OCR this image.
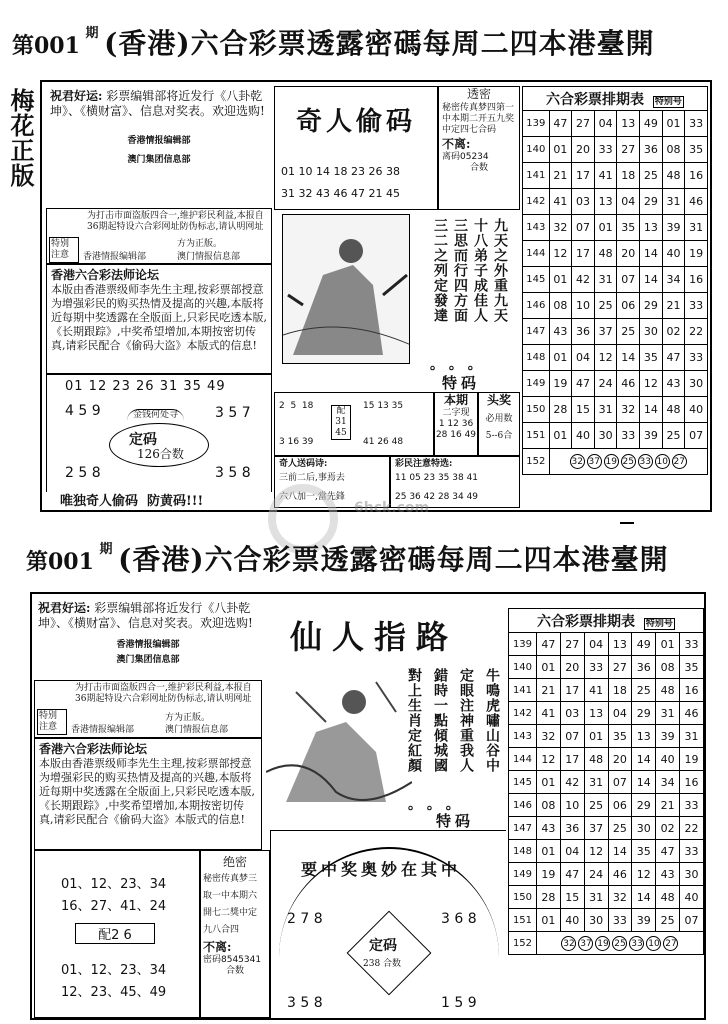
第001 $^期$ (香港)六合彩票透露密碼每周二四本港臺開
梅花正版	祝君好运: 彩票编辑部将近发行《八卦乾坤》、《横财富》、信息对奖表。欢迎选购!
香港情报编辑部
澳门集团信息部
特别注意
为打击市面盗版四合一,维护彩民利益,本报自36期起特设六合彩网址防伪标志,请认明网址
方为正版。
香港情报编辑部	澳门情报信息部
香港六合彩法师论坛
本版由香港票级师李先生主理,按彩票部授意为增强彩民的购买热情及提高的兴趣,本版将近每期中奖透露在全版面上,只彩民吃透本版,《长期跟踪》,中奖希望增加,本期按密切传真,请彩民配合《偷码大盗》本版式的信息!
01 12 23 26 31 35 49
4 5 9	3 5 7
金钱何处寻
定码
126合数
2 5 8	3 5 8
唯独奇人偷码  防黄码!!!
奇人偷码
01 10 14 18 23 26 38
31 32 43 46 47 21 45
透密
秘密传真梦四第一中本期二开五九奖中定四七合码
不离:
离码05234
合数
九天之外重九天
十八弟子成佳人
三思而行四方面
三二之列定發達
。 。 。
特码
2  5  18
3 16 39
配 31 45
15 13 35
41 26 48
本期
二字现
1 12 36
28 16 49
头奖
必用数
5--6合
奇人送码诗:
三前二后,事焉去
六八加一,當先鋒
彩民注意特选:
11 05 23 35 38 41
25 36 42 28 34 49
六合彩票排期表 特别号							
139	47	27	04	13	49	01	33
140	01	20	33	27	36	08	35
141	21	17	41	18	25	48	16
142	41	03	13	04	29	31	46
143	32	07	01	35	13	39	31
144	12	17	48	20	14	40	19
145	01	42	31	07	14	34	16
146	08	10	25	06	29	21	33
147	43	36	37	25	30	02	22
148	01	04	12	14	35	47	33
149	19	47	24	46	12	43	30
150	28	15	31	32	14	48	40
151	01	40	30	33	39	25	07
152	32 37 19 25 33 10 27						
6hck.com
第001 $^期$ (香港)六合彩票透露密碼每周二四本港臺開
祝君好运: 彩票编辑部将近发行《八卦乾坤》、《横财富》、信息对奖表。欢迎选购!
香港情报编辑部
澳门集团信息部
特别注意
为打击市面盗版四合一,维护彩民利益,本报自36期起特设六合彩网址防伪标志,请认明网址
方为正版。
香港情报编辑部	澳门情报信息部
香港六合彩法师论坛
本版由香港票级师李先生主理,按彩票部授意为增强彩民的购买热情及提高的兴趣,本版将近每期中奖透露在全版面上,只彩民吃透本版,《长期跟踪》,中奖希望增加,本期按密切传真,请彩民配合《偷码大盗》本版式的信息!
01、12、23、34
16、27、41、24
配2 6
01、12、23、34
12、23、45、49
绝密
秘密传真梦三
取一中本期六
開七二獎中定
九八合四
不离:
密码8545341
合数
仙人指路
牛鳴虎嘯山谷中
定眼注神重我人
錯時一點傾城國
對上生肖定紅顏
。 。 。
特码
要中奖奥妙在其中
2 7 8	3 6 8
定码
238 合数
3 5 8	1 5 9
六合彩票排期表 特别号							
139	47	27	04	13	49	01	33
140	01	20	33	27	36	08	35
141	21	17	41	18	25	48	16
142	41	03	13	04	29	31	46
143	32	07	01	35	13	39	31
144	12	17	48	20	14	40	19
145	01	42	31	07	14	34	16
146	08	10	25	06	29	21	33
147	43	36	37	25	30	02	22
148	01	04	12	14	35	47	33
149	19	47	24	46	12	43	30
150	28	15	31	32	14	48	40
151	01	40	30	33	39	25	07
152	32 37 19 25 33 10 27						
